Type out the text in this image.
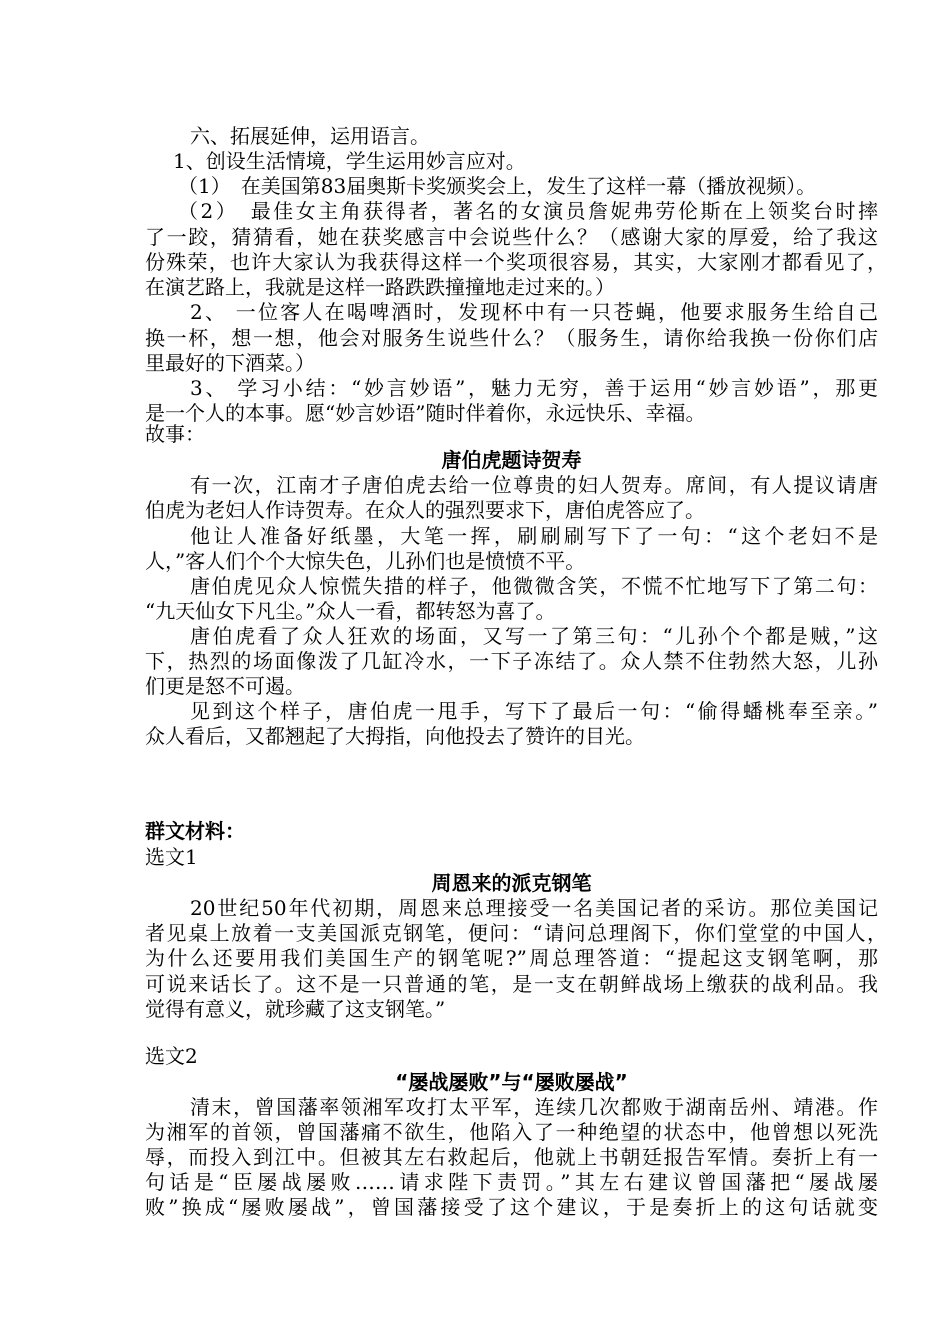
六、拓展延伸，运用语言。
1、创设生活情境，学生运用妙言应对。
（1）　在美国第83届奥斯卡奖颁奖会上，发生了这样一幕（播放视频）。
（2）　最佳女主角获得者，著名的女演员詹妮弗劳伦斯在上领奖台时摔
了一跤，猜猜看，她在获奖感言中会说些什么？（感谢大家的厚爱，给了我这
份殊荣，也许大家认为我获得这样一个奖项很容易，其实，大家刚才都看见了，
在演艺路上，我就是这样一路跌跌撞撞地走过来的。）
2、 一位客人在喝啤酒时，发现杯中有一只苍蝇，他要求服务生给自己
换一杯，想一想，他会对服务生说些什么？（服务生，请你给我换一份你们店
里最好的下酒菜。）
3、 学习小结：“妙言妙语”，魅力无穷，善于运用“妙言妙语”，那更
是一个人的本事。愿“妙言妙语”随时伴着你，永远快乐、幸福。
故事：
唐伯虎题诗贺寿
有一次，江南才子唐伯虎去给一位尊贵的妇人贺寿。席间，有人提议请唐
伯虎为老妇人作诗贺寿。在众人的强烈要求下，唐伯虎答应了。
他让人准备好纸墨，大笔一挥，刷刷刷写下了一句：“这个老妇不是
人，”客人们个个大惊失色，儿孙们也是愤愤不平。
唐伯虎见众人惊慌失措的样子，他微微含笑，不慌不忙地写下了第二句：
“九天仙女下凡尘。”众人一看，都转怒为喜了。
唐伯虎看了众人狂欢的场面，又写一了第三句：“儿孙个个都是贼，”这
下，热烈的场面像泼了几缸冷水，一下子冻结了。众人禁不住勃然大怒，儿孙
们更是怒不可遏。
见到这个样子，唐伯虎一甩手，写下了最后一句：“偷得蟠桃奉至亲。”
众人看后，又都翘起了大拇指，向他投去了赞许的目光。
群文材料：
选文1
周恩来的派克钢笔
20世纪50年代初期，周恩来总理接受一名美国记者的采访。那位美国记
者见桌上放着一支美国派克钢笔，便问：“请问总理阁下，你们堂堂的中国人，
为什么还要用我们美国生产的钢笔呢?”周总理答道：“提起这支钢笔啊，那
可说来话长了。这不是一只普通的笔，是一支在朝鲜战场上缴获的战利品。我
觉得有意义，就珍藏了这支钢笔。”
选文2
“屡战屡败”与“屡败屡战”
清末，曾国藩率领湘军攻打太平军，连续几次都败于湖南岳州、靖港。作
为湘军的首领，曾国藩痛不欲生，他陷入了一种绝望的状态中，他曾想以死洗
辱，而投入到江中。但被其左右救起后，他就上书朝廷报告军情。奏折上有一
句话是“臣屡战屡败……请求陛下责罚。”其左右建议曾国藩把“屡战屡
败”换成“屡败屡战”，曾国藩接受了这个建议，于是奏折上的这句话就变
